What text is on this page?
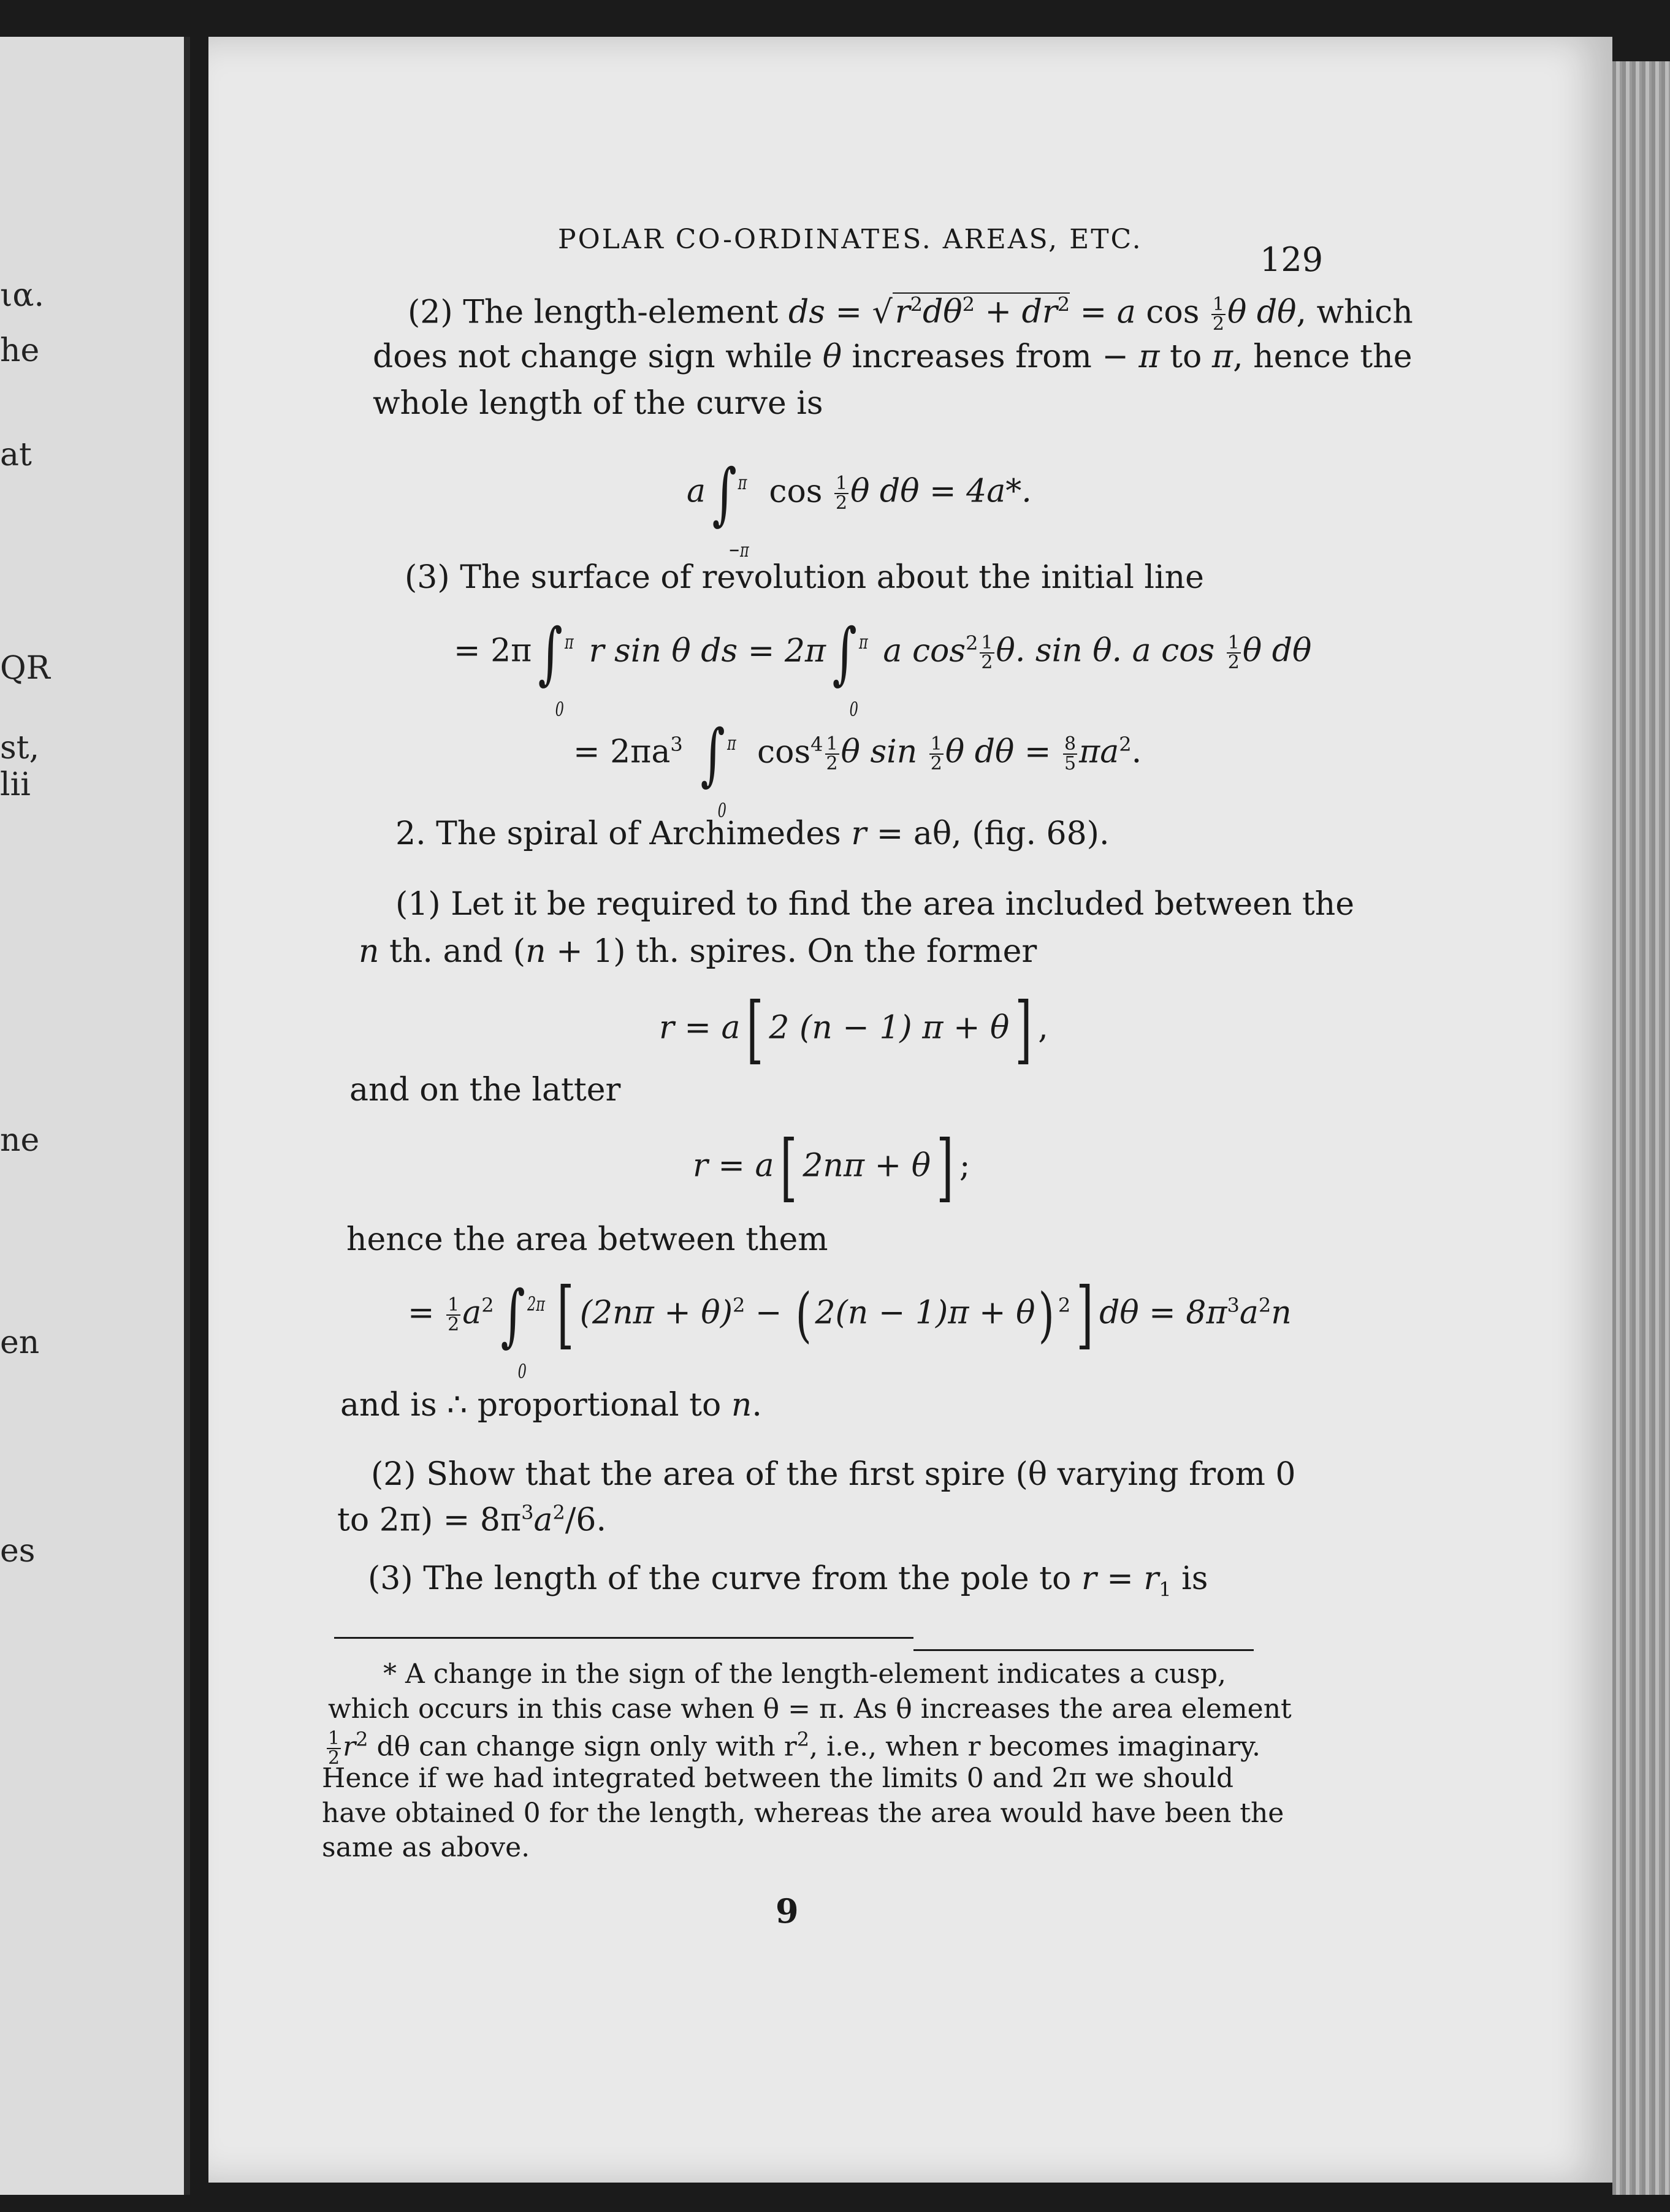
ια.
he
at
QR
st,
lii
ne
en
es
POLAR CO-ORDINATES. AREAS, ETC.
129
(2) The length-element ds = $√r^2d\theta^2 + dr^2 = a$ $\cos \frac{1}{2}$ θ dθ, which
does not change sign while θ increases from − π to π, hence the
whole length of the curve is
a∫ π
−π
$\cos \frac{1}{2}$ θ dθ = 4a*.
(3) The surface of revolution about the initial line
= 2π∫ π
0
r sin θ ds = 2π∫ π
0
a $\cos^2 \frac{1}{2} \theta$. sin θ. a $\cos \frac{1}{2}$ θ dθ
= $2\pi a^3$ ∫ π
0
$\cos^4 \frac{1}{2}$ θ $\sin \frac{1}{2}$ θ $d\theta = \frac{8}{5} \pi a^2$.
2. The spiral of Archimedes r = aθ, (fig. 68).
(1) Let it be required to find the area included between the
n th. and (n + 1) th. spires. On the former
r = a[ 2 (n − 1) π + θ] ,
and on the latter
r = a[ 2nπ + θ] ;
hence the area between them
= $\frac{1}{2} a^2\int$ 2π
0
[ $(2n\pi + \theta)^2$ − ( 2(n − 1)π + θ) $^2$] $d\theta = 8\pi^3a^2n$
and is ∴ proportional to n.
(2) Show that the area of the first spire (θ varying from 0
to $2\pi) = 8\pi^3a^2/6$.
(3) The length of the curve from the pole to $r = r_1$ is
* A change in the sign of the length-element indicates a cusp,
which occurs in this case when θ = π. As θ increases the area element
$\frac{1}{2} r^2$ dθ can change sign only with $r^2$, i.e., when r becomes imaginary.
Hence if we had integrated between the limits 0 and 2π we should
have obtained 0 for the length, whereas the area would have been the
same as above.
9
